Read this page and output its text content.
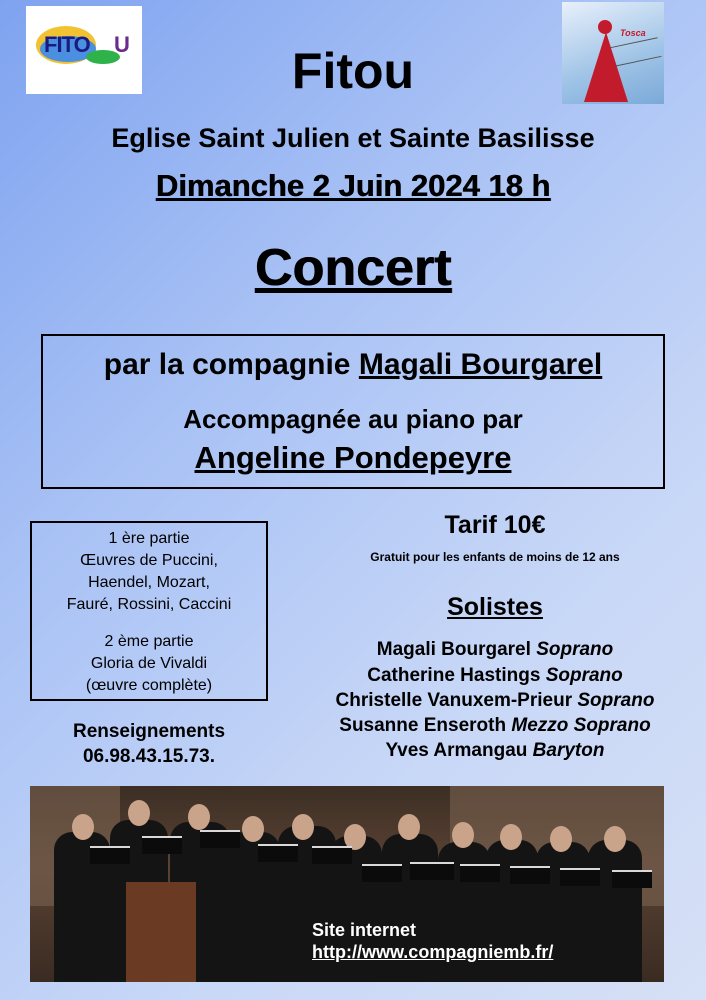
FITO U	Tosca
Fitou
Eglise Saint Julien et Sainte Basilisse
Dimanche 2 Juin 2024 18 h
Concert
par la compagnie Magali Bourgarel
Accompagnée au piano par
Angeline Pondepeyre
1 ère partie
Œuvres de Puccini,
Haendel, Mozart,
Fauré, Rossini, Caccini
2 ème partie
Gloria de Vivaldi
(œuvre complète)
Renseignements
06.98.43.15.73.
Tarif 10€
Gratuit pour les enfants de moins de 12 ans
Solistes
Magali Bourgarel Soprano
Catherine Hastings Soprano
Christelle Vanuxem-Prieur Soprano
Susanne Enseroth Mezzo Soprano
Yves Armangau Baryton
Site internet
http://www.compagniemb.fr/
